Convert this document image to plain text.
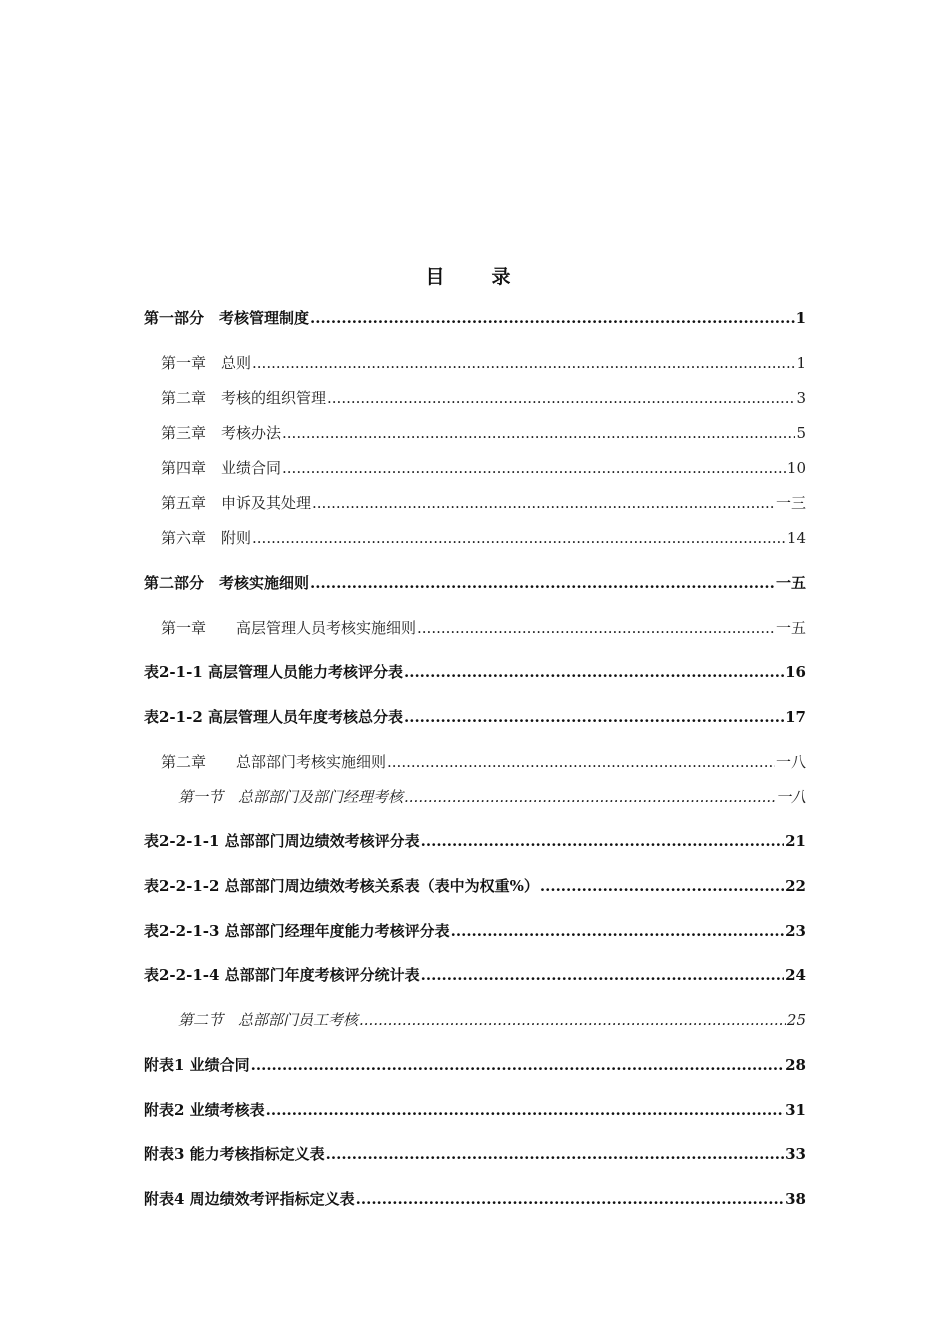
目　录
第一部分　考核管理制度 .....	1
第一章　总则 .....	1
第二章　考核的组织管理 .....	3
第三章　考核办法 .....	5
第四章　业绩合同 .....	10
第五章　申诉及其处理 .....	一三
第六章　附则 .....	14
第二部分　考核实施细则 .....	一五
第一章　　高层管理人员考核实施细则 .....	一五
表2-1-1 高层管理人员能力考核评分表 .....	16
表2-1-2 高层管理人员年度考核总分表 .....	17
第二章　　总部部门考核实施细则 .....	一八
第一节　总部部门及部门经理考核 .....	一八
表2-2-1-1 总部部门周边绩效考核评分表 .....	21
表2-2-1-2 总部部门周边绩效考核关系表（表中为权重%） .....	22
表2-2-1-3 总部部门经理年度能力考核评分表 .....	23
表2-2-1-4 总部部门年度考核评分统计表 .....	24
第二节　总部部门员工考核 .....	25
附表1 业绩合同 .....	28
附表2 业绩考核表 .....	31
附表3 能力考核指标定义表 .....	33
附表4 周边绩效考评指标定义表 .....	38
